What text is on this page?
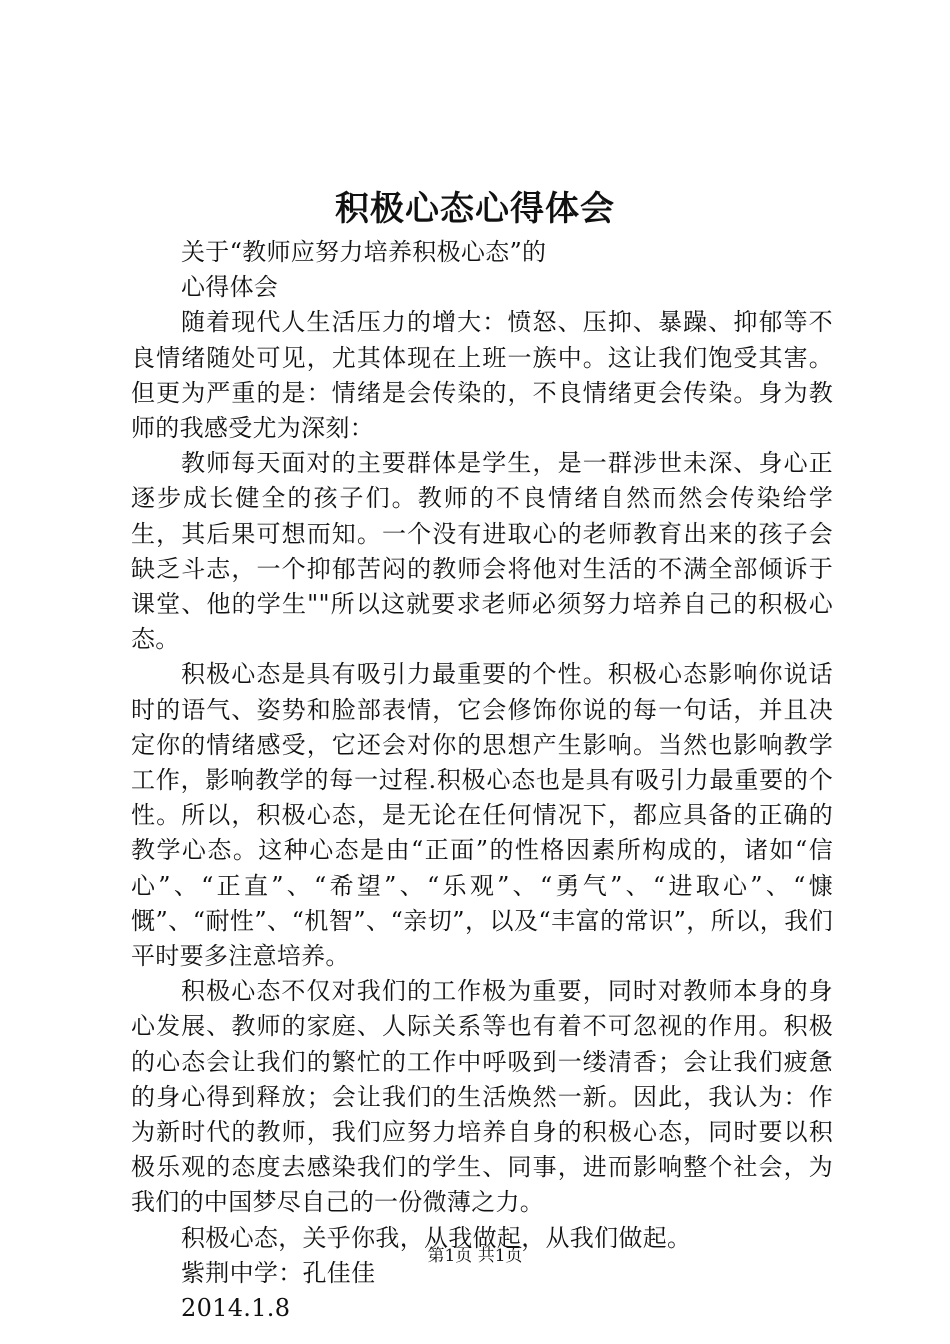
积极心态心得体会

关于“教师应努力培养积极心态”的

心得体会

随着现代人生活压力的增大：愤怒、压抑、暴躁、抑郁等不良情绪随处可见，尤其体现在上班一族中。这让我们饱受其害。但更为严重的是：情绪是会传染的，不良情绪更会传染。身为教师的我感受尤为深刻：

教师每天面对的主要群体是学生，是一群涉世未深、身心正逐步成长健全的孩子们。教师的不良情绪自然而然会传染给学生，其后果可想而知。一个没有进取心的老师教育出来的孩子会缺乏斗志，一个抑郁苦闷的教师会将他对生活的不满全部倾诉于课堂、他的学生""所以这就要求老师必须努力培养自己的积极心态。

积极心态是具有吸引力最重要的个性。积极心态影响你说话时的语气、姿势和脸部表情，它会修饰你说的每一句话，并且决定你的情绪感受，它还会对你的思想产生影响。当然也影响教学工作，影响教学的每一过程.积极心态也是具有吸引力最重要的个性。所以，积极心态，是无论在任何情况下，都应具备的正确的教学心态。这种心态是由“正面”的性格因素所构成的，诸如“信心”、“正直”、“希望”、“乐观”、“勇气”、“进取心”、“慷慨”、“耐性”、“机智”、“亲切”，以及“丰富的常识”，所以，我们平时要多注意培养。

积极心态不仅对我们的工作极为重要，同时对教师本身的身心发展、教师的家庭、人际关系等也有着不可忽视的作用。积极的心态会让我们的繁忙的工作中呼吸到一缕清香；会让我们疲惫的身心得到释放；会让我们的生活焕然一新。因此，我认为：作为新时代的教师，我们应努力培养自身的积极心态，同时要以积极乐观的态度去感染我们的学生、同事，进而影响整个社会，为我们的中国梦尽自己的一份微薄之力。

积极心态，关乎你我，从我做起，从我们做起。

紫荆中学：孔佳佳

2014.1.8

第1页 共1页
